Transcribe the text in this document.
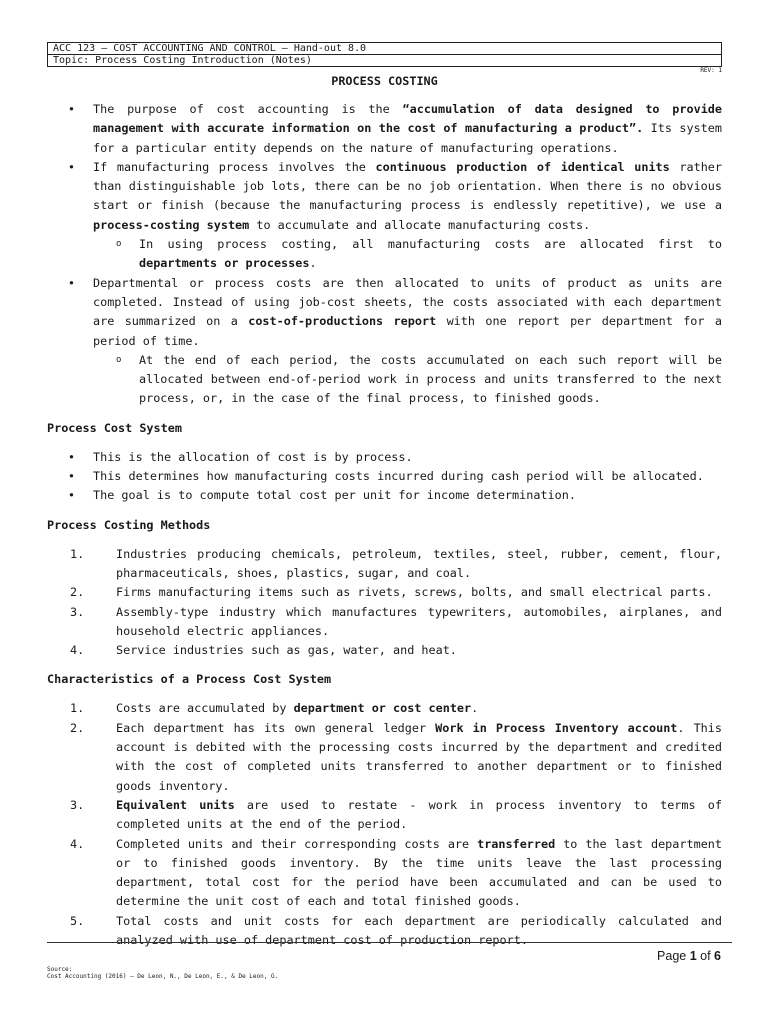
ACC 123 – COST ACCOUNTING AND CONTROL – Hand-out 8.0
Topic: Process Costing Introduction (Notes)
REV: 1
PROCESS COSTING
• The purpose of cost accounting is the “accumulation of data designed to provide management with accurate information on the cost of manufacturing a product”. Its system for a particular entity depends on the nature of manufacturing operations.
• If manufacturing process involves the continuous production of identical units rather than distinguishable job lots, there can be no job orientation. When there is no obvious start or finish (because the manufacturing process is endlessly repetitive), we use a process-costing system to accumulate and allocate manufacturing costs.
o In using process costing, all manufacturing costs are allocated first to departments or processes.
• Departmental or process costs are then allocated to units of product as units are completed. Instead of using job-cost sheets, the costs associated with each department are summarized on a cost-of-productions report with one report per department for a period of time.
o At the end of each period, the costs accumulated on each such report will be allocated between end-of-period work in process and units transferred to the next process, or, in the case of the final process, to finished goods.
Process Cost System
• This is the allocation of cost is by process.
• This determines how manufacturing costs incurred during cash period will be allocated.
• The goal is to compute total cost per unit for income determination.
Process Costing Methods
1.	Industries producing chemicals, petroleum, textiles, steel, rubber, cement, flour, pharmaceuticals, shoes, plastics, sugar, and coal.
2.	Firms manufacturing items such as rivets, screws, bolts, and small electrical parts.
3.	Assembly-type industry which manufactures typewriters, automobiles, airplanes, and household electric appliances.
4.	Service industries such as gas, water, and heat.
Characteristics of a Process Cost System
1.	Costs are accumulated by department or cost center.
2.	Each department has its own general ledger Work in Process Inventory account. This account is debited with the processing costs incurred by the department and credited with the cost of completed units transferred to another department or to finished goods inventory.
3.	Equivalent units are used to restate - work in process inventory to terms of completed units at the end of the period.
4.	Completed units and their corresponding costs are transferred to the last department or to finished goods inventory. By the time units leave the last processing department, total cost for the period have been accumulated and can be used to determine the unit cost of each and total finished goods.
5.	Total costs and unit costs for each department are periodically calculated and analyzed with use of department cost of production report.
Page 1 of 6
Source:
Cost Accounting (2016) – De Leon, N., De Leon, E., & De Leon, G.
